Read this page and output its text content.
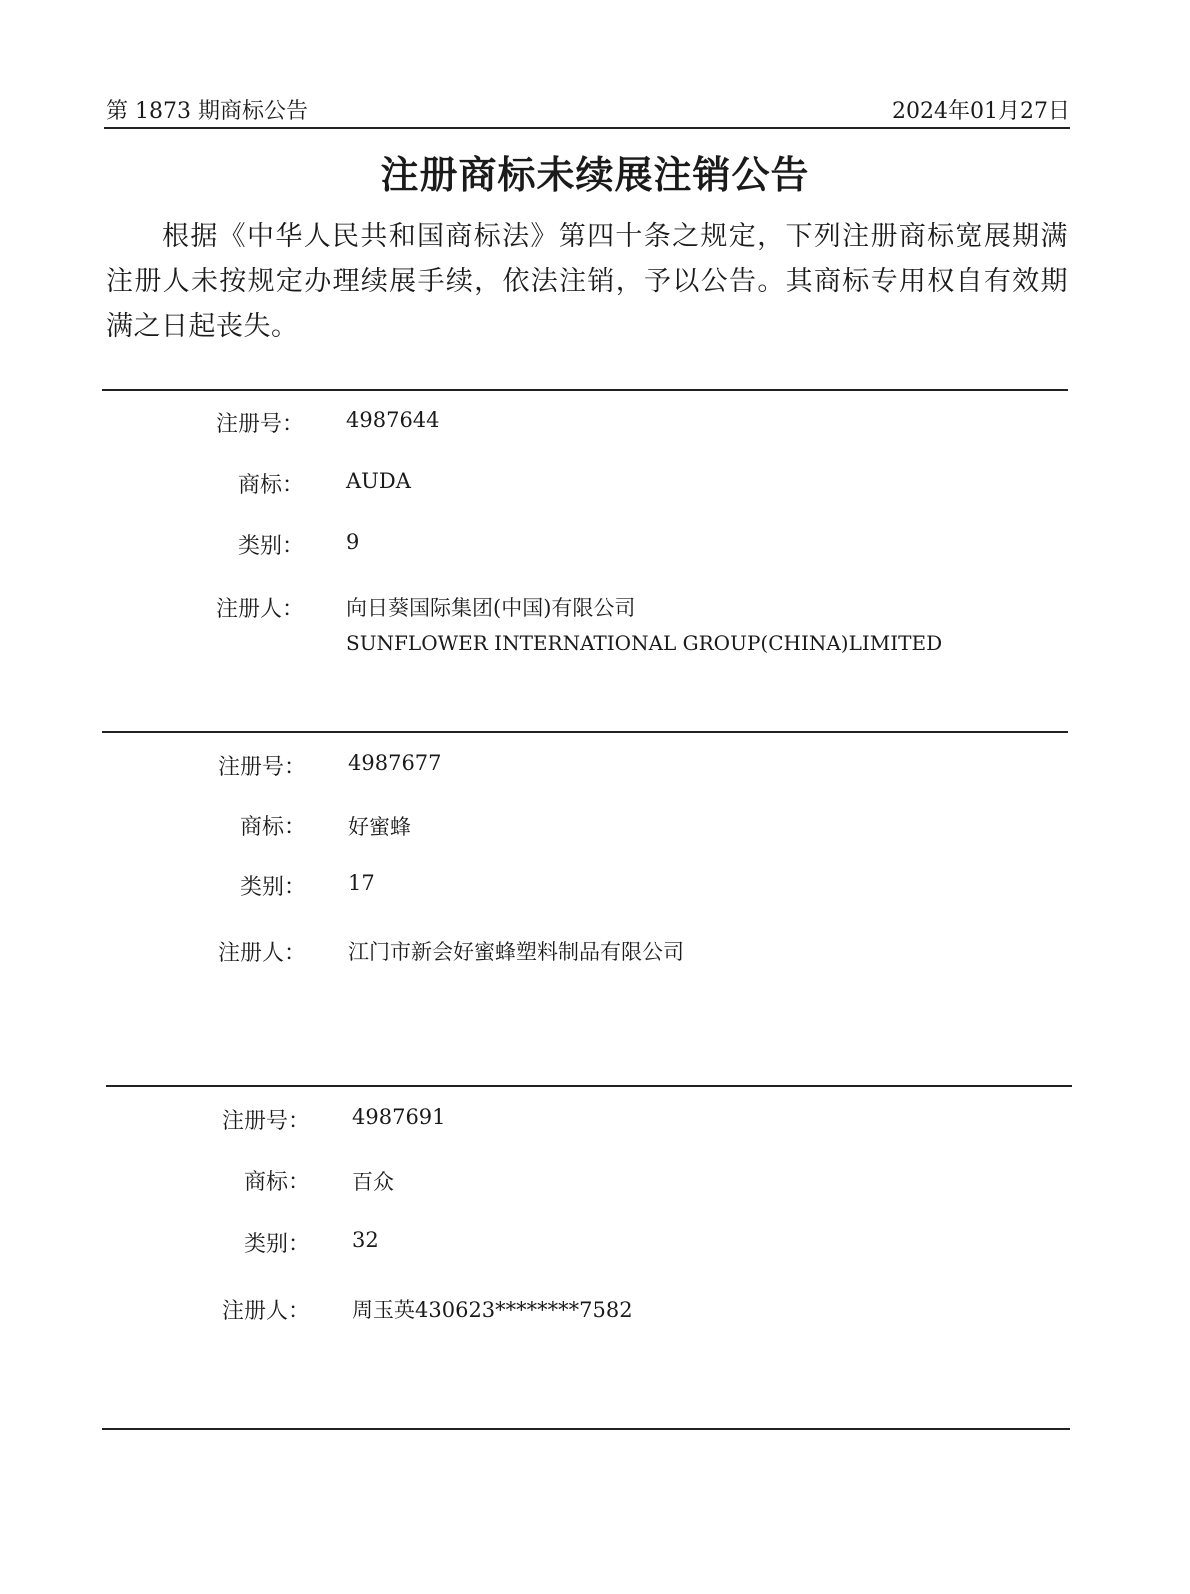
第 1873 期商标公告	2024年01月27日
注册商标未续展注销公告

根据《中华人民共和国商标法》第四十条之规定，下列注册商标宽展期满注册人未按规定办理续展手续，依法注销，予以公告。其商标专用权自有效期满之日起丧失。

注册号： 4987644
商标： AUDA
类别： 9
注册人： 向日葵国际集团(中国)有限公司
SUNFLOWER INTERNATIONAL GROUP(CHINA)LIMITED
注册号： 4987677
商标： 好蜜蜂
类别： 17
注册人： 江门市新会好蜜蜂塑料制品有限公司
注册号： 4987691
商标： 百众
类别： 32
注册人： 周玉英430623********7582
